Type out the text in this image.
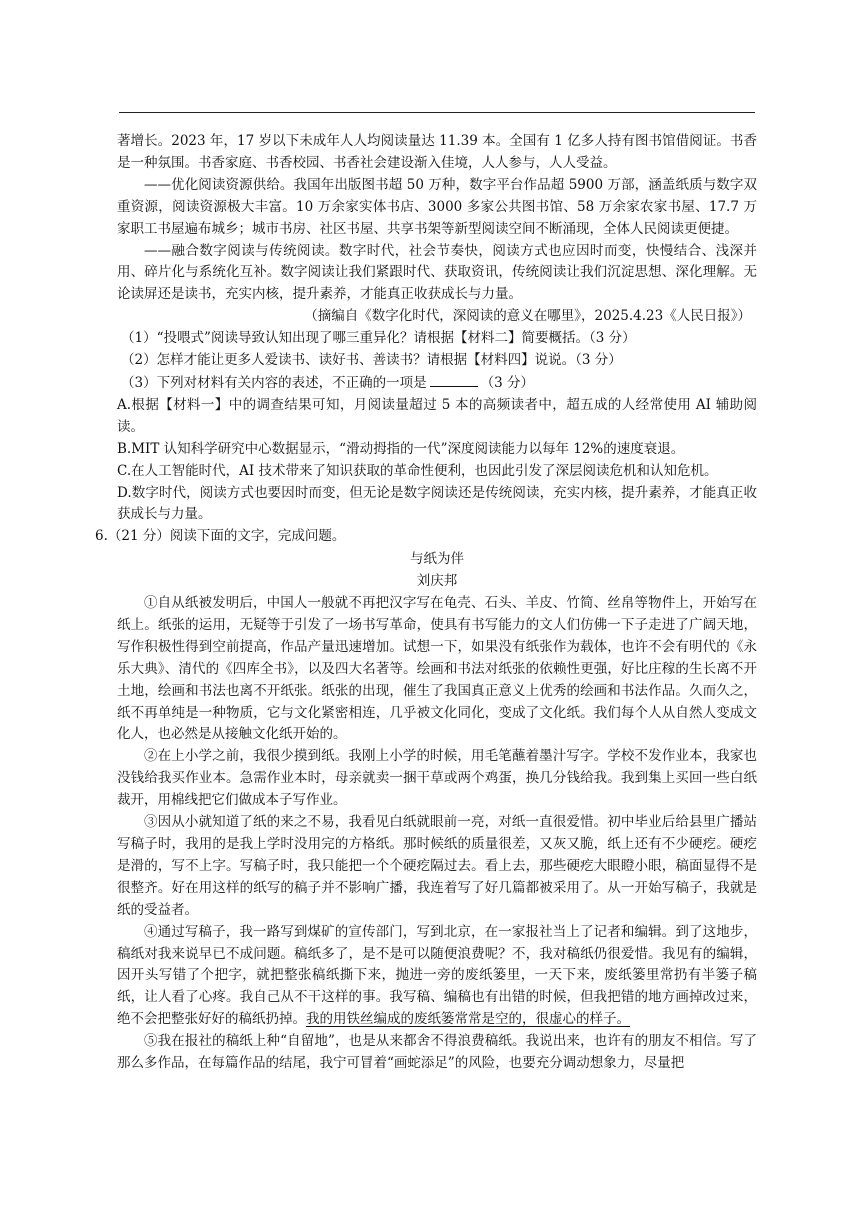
著增长。2023 年，17 岁以下未成年人人均阅读量达 11.39 本。全国有 1 亿多人持有图书馆借阅证。书香是一种氛围。书香家庭、书香校园、书香社会建设渐入佳境，人人参与，人人受益。

——优化阅读资源供给。我国年出版图书超 50 万种，数字平台作品超 5900 万部，涵盖纸质与数字双重资源，阅读资源极大丰富。10 万余家实体书店、3000 多家公共图书馆、58 万余家农家书屋、17.7 万家职工书屋遍布城乡；城市书房、社区书屋、共享书架等新型阅读空间不断涌现，全体人民阅读更便捷。

——融合数字阅读与传统阅读。数字时代，社会节奏快，阅读方式也应因时而变，快慢结合、浅深并用、碎片化与系统化互补。数字阅读让我们紧跟时代、获取资讯，传统阅读让我们沉淀思想、深化理解。无论读屏还是读书，充实内核，提升素养，才能真正收获成长与力量。

（摘编自《数字化时代，深阅读的意义在哪里》，2025.4.23《人民日报》）

（1）“投喂式”阅读导致认知出现了哪三重异化？请根据【材料二】简要概括。（3 分）

（2）怎样才能让更多人爱读书、读好书、善读书？请根据【材料四】说说。（3 分）

（3）下列对材料有关内容的表述，不正确的一项是	（3 分）

A.根据【材料一】中的调查结果可知，月阅读量超过 5 本的高频读者中，超五成的人经常使用 AI 辅助阅读。

B.MIT 认知科学研究中心数据显示，“滑动拇指的一代”深度阅读能力以每年 12%的速度衰退。

C.在人工智能时代，AI 技术带来了知识获取的革命性便利，也因此引发了深层阅读危机和认知危机。

D.数字时代，阅读方式也要因时而变，但无论是数字阅读还是传统阅读，充实内核，提升素养，才能真正收获成长与力量。

6.（21 分）阅读下面的文字，完成问题。

与纸为伴

刘庆邦

①自从纸被发明后，中国人一般就不再把汉字写在龟壳、石头、羊皮、竹简、丝帛等物件上，开始写在纸上。纸张的运用，无疑等于引发了一场书写革命，使具有书写能力的文人们仿佛一下子走进了广阔天地，写作积极性得到空前提高，作品产量迅速增加。试想一下，如果没有纸张作为载体，也许不会有明代的《永乐大典》、清代的《四库全书》，以及四大名著等。绘画和书法对纸张的依赖性更强，好比庄稼的生长离不开土地，绘画和书法也离不开纸张。纸张的出现，催生了我国真正意义上优秀的绘画和书法作品。久而久之，纸不再单纯是一种物质，它与文化紧密相连，几乎被文化同化，变成了文化纸。我们每个人从自然人变成文化人，也必然是从接触文化纸开始的。

②在上小学之前，我很少摸到纸。我刚上小学的时候，用毛笔蘸着墨汁写字。学校不发作业本，我家也没钱给我买作业本。急需作业本时，母亲就卖一捆干草或两个鸡蛋，换几分钱给我。我到集上买回一些白纸裁开，用棉线把它们做成本子写作业。

③因从小就知道了纸的来之不易，我看见白纸就眼前一亮，对纸一直很爱惜。初中毕业后给县里广播站写稿子时，我用的是我上学时没用完的方格纸。那时候纸的质量很差，又灰又脆，纸上还有不少硬疙。硬疙是滑的，写不上字。写稿子时，我只能把一个个硬疙隔过去。看上去，那些硬疙大眼瞪小眼，稿面显得不是很整齐。好在用这样的纸写的稿子并不影响广播，我连着写了好几篇都被采用了。从一开始写稿子，我就是纸的受益者。

④通过写稿子，我一路写到煤矿的宣传部门，写到北京，在一家报社当上了记者和编辑。到了这地步，稿纸对我来说早已不成问题。稿纸多了，是不是可以随便浪费呢？不，我对稿纸仍很爱惜。我见有的编辑，因开头写错了个把字，就把整张稿纸撕下来，抛进一旁的废纸篓里，一天下来，废纸篓里常扔有半篓子稿纸，让人看了心疼。我自己从不干这样的事。我写稿、编稿也有出错的时候，但我把错的地方画掉改过来，绝不会把整张好好的稿纸扔掉。我的用铁丝编成的废纸篓常常是空的，很虚心的样子。

⑤我在报社的稿纸上种“自留地”，也是从来都舍不得浪费稿纸。我说出来，也许有的朋友不相信。写了那么多作品，在每篇作品的结尾，我宁可冒着“画蛇添足”的风险，也要充分调动想象力，尽量把
